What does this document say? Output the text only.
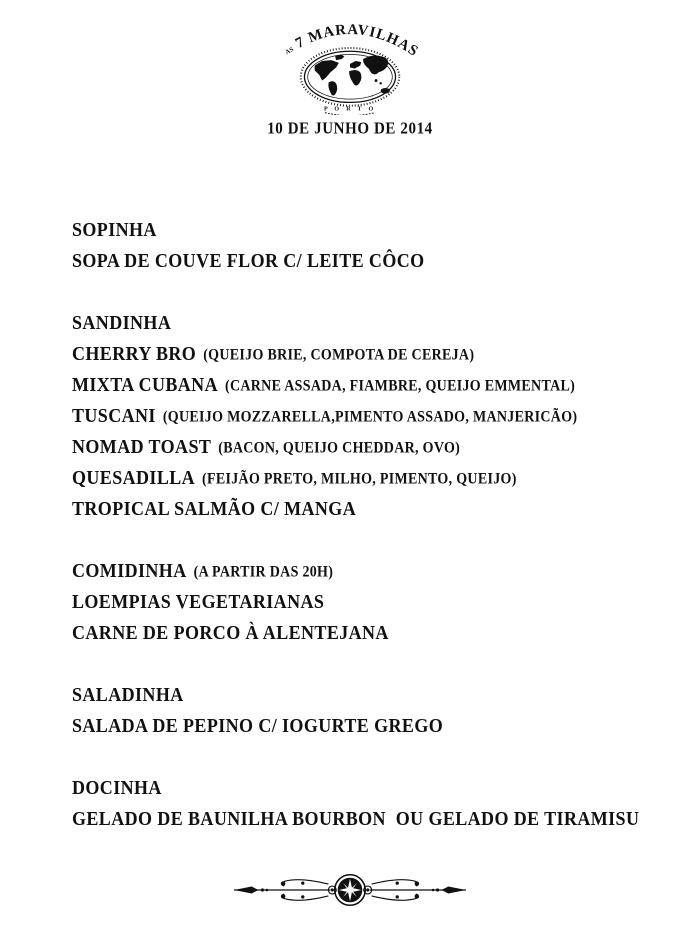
7 MARAVILHAS
AS
P O R T O
10 DE JUNHO DE 2014

SOPINHA

SOPA DE COUVE FLOR C/ LEITE CÔCO

SANDINHA

CHERRY BRO (QUEIJO BRIE, COMPOTA DE CEREJA)

MIXTA CUBANA (CARNE ASSADA, FIAMBRE, QUEIJO EMMENTAL)

TUSCANI (QUEIJO MOZZARELLA,PIMENTO ASSADO, MANJERICÃO)

NOMAD TOAST (BACON, QUEIJO CHEDDAR, OVO)

QUESADILLA (FEIJÃO PRETO, MILHO, PIMENTO, QUEIJO)

TROPICAL SALMÃO C/ MANGA

COMIDINHA (A PARTIR DAS 20H)

LOEMPIAS VEGETARIANAS

CARNE DE PORCO À ALENTEJANA

SALADINHA

SALADA DE PEPINO C/ IOGURTE GREGO

DOCINHA

GELADO DE BAUNILHA BOURBON  OU GELADO DE TIRAMISU
